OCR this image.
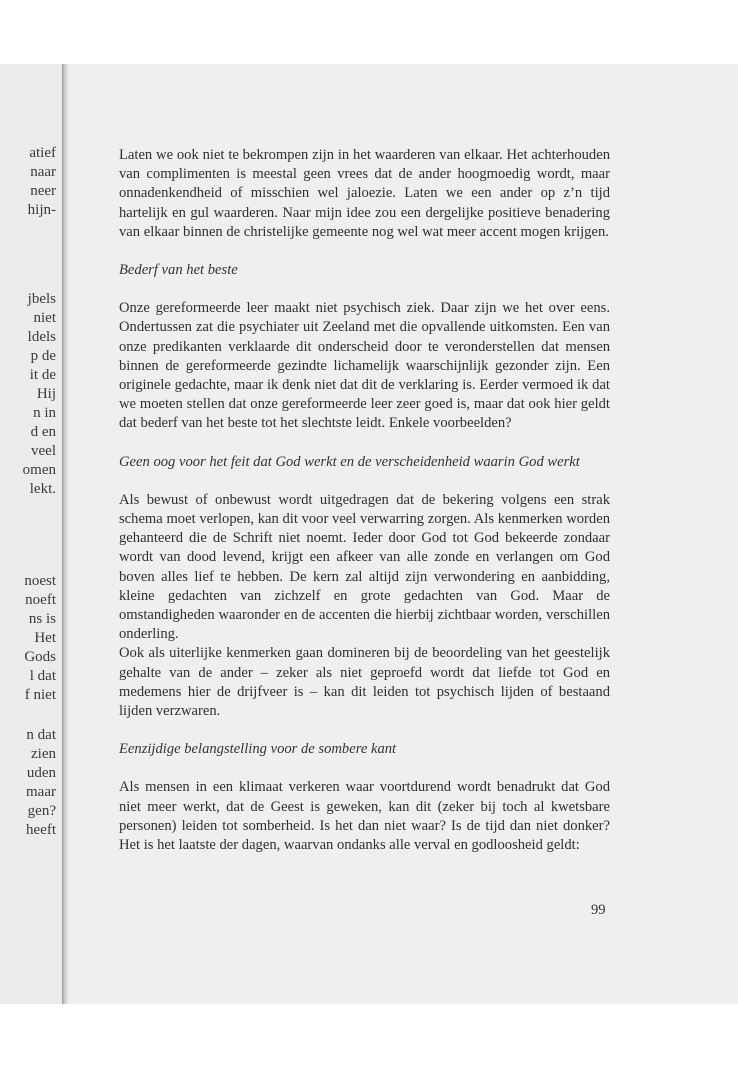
atief
naar
neer
hijn-
jbels
niet
ldels
p de
it de
Hij
n in
d en
veel
omen
lekt.
noest
noeft
ns is
Het
Gods
l dat
f niet
n dat
zien
uden
maar
gen?
heeft

Laten we ook niet te bekrompen zijn in het waarderen van elkaar. Het achterhouden van complimenten is meestal geen vrees dat de ander hoogmoedig wordt, maar onnadenkendheid of misschien wel jaloezie. Laten we een ander op z’n tijd hartelijk en gul waarderen. Naar mijn idee zou een dergelijke positieve benadering van elkaar binnen de christelijke gemeente nog wel wat meer accent mogen krijgen.

Bederf van het beste

Onze gereformeerde leer maakt niet psychisch ziek. Daar zijn we het over eens. Ondertussen zat die psychiater uit Zeeland met die opvallende uitkomsten. Een van onze predikanten verklaarde dit onderscheid door te veronderstellen dat mensen binnen de gereformeerde gezindte lichamelijk waarschijnlijk gezonder zijn. Een originele gedachte, maar ik denk niet dat dit de verklaring is. Eerder vermoed ik dat we moeten stellen dat onze gereformeerde leer zeer goed is, maar dat ook hier geldt dat bederf van het beste tot het slechtste leidt. Enkele voorbeelden?

Geen oog voor het feit dat God werkt en de verscheidenheid waarin God werkt

Als bewust of onbewust wordt uitgedragen dat de bekering volgens een strak schema moet verlopen, kan dit voor veel verwarring zorgen. Als kenmerken worden gehanteerd die de Schrift niet noemt. Ieder door God tot God bekeerde zondaar wordt van dood levend, krijgt een afkeer van alle zonde en verlangen om God boven alles lief te hebben. De kern zal altijd zijn verwondering en aanbidding, kleine gedachten van zichzelf en grote gedachten van God. Maar de omstandigheden waaronder en de accenten die hierbij zichtbaar worden, verschillen onderling.

Ook als uiterlijke kenmerken gaan domineren bij de beoordeling van het geestelijk gehalte van de ander – zeker als niet geproefd wordt dat liefde tot God en medemens hier de drijfveer is – kan dit leiden tot psychisch lijden of bestaand lijden verzwaren.

Eenzijdige belangstelling voor de sombere kant

Als mensen in een klimaat verkeren waar voortdurend wordt benadrukt dat God niet meer werkt, dat de Geest is geweken, kan dit (zeker bij toch al kwetsbare personen) leiden tot somberheid. Is het dan niet waar? Is de tijd dan niet donker? Het is het laatste der dagen, waarvan ondanks alle verval en godloosheid geldt:

99
